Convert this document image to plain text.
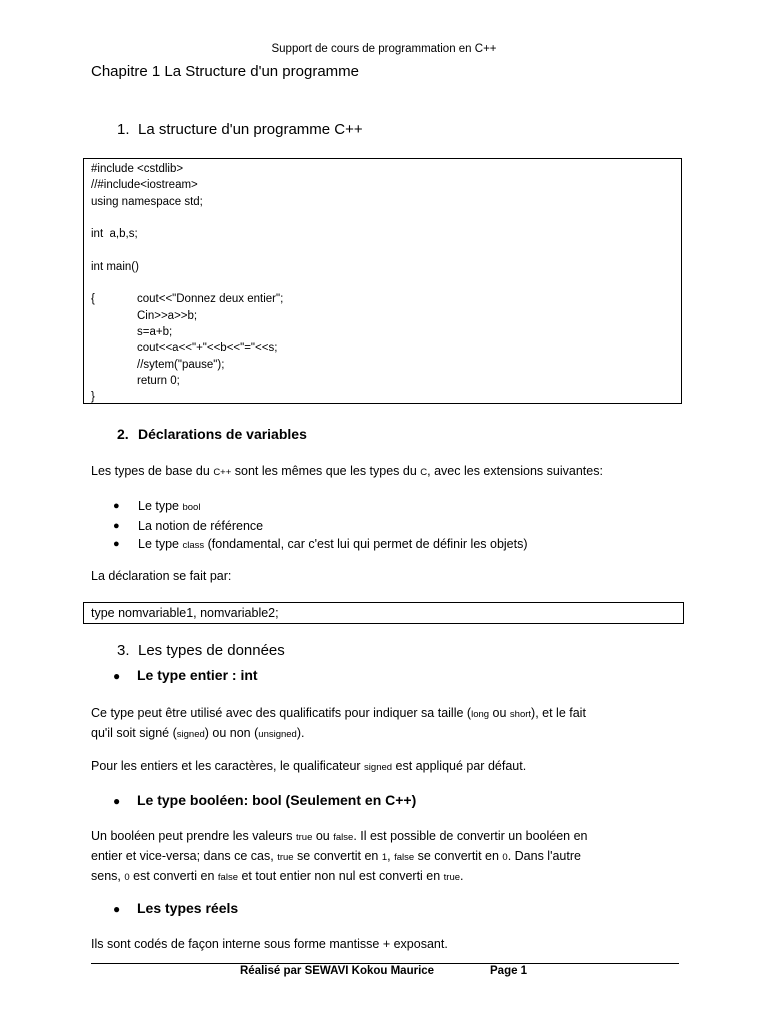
Support de cours de programmation en C++
Chapitre 1 La Structure d'un programme
1. La structure d'un programme C++
#include <cstdlib>
//#include<iostream>
using namespace std;
int  a,b,s;
int main()
{	cout<<"Donnez deux entier";
Cin>>a>>b;
s=a+b;
cout<<a<<"+"<<b<<"="<<s;
//sytem("pause");
return 0;
}
2. Déclarations de variables
Les types de base du C++ sont les mêmes que les types du C, avec les extensions suivantes:
● Le type bool
● La notion de référence
● Le type class (fondamental, car c'est lui qui permet de définir les objets)
La déclaration se fait par:
type nomvariable1, nomvariable2;
3. Les types de données
● Le type entier : int
Ce type peut être utilisé avec des qualificatifs pour indiquer sa taille (long ou short), et le fait
qu'il soit signé (signed) ou non (unsigned).
Pour les entiers et les caractères, le qualificateur signed est appliqué par défaut.
● Le type booléen: bool (Seulement en C++)
Un booléen peut prendre les valeurs true ou false. Il est possible de convertir un booléen en
entier et vice-versa; dans ce cas, true se convertit en 1, false se convertit en 0. Dans l'autre
sens, 0 est converti en false et tout entier non nul est converti en true.
● Les types réels
Ils sont codés de façon interne sous forme mantisse + exposant.
Réalisé par SEWAVI Kokou Maurice	Page 1
